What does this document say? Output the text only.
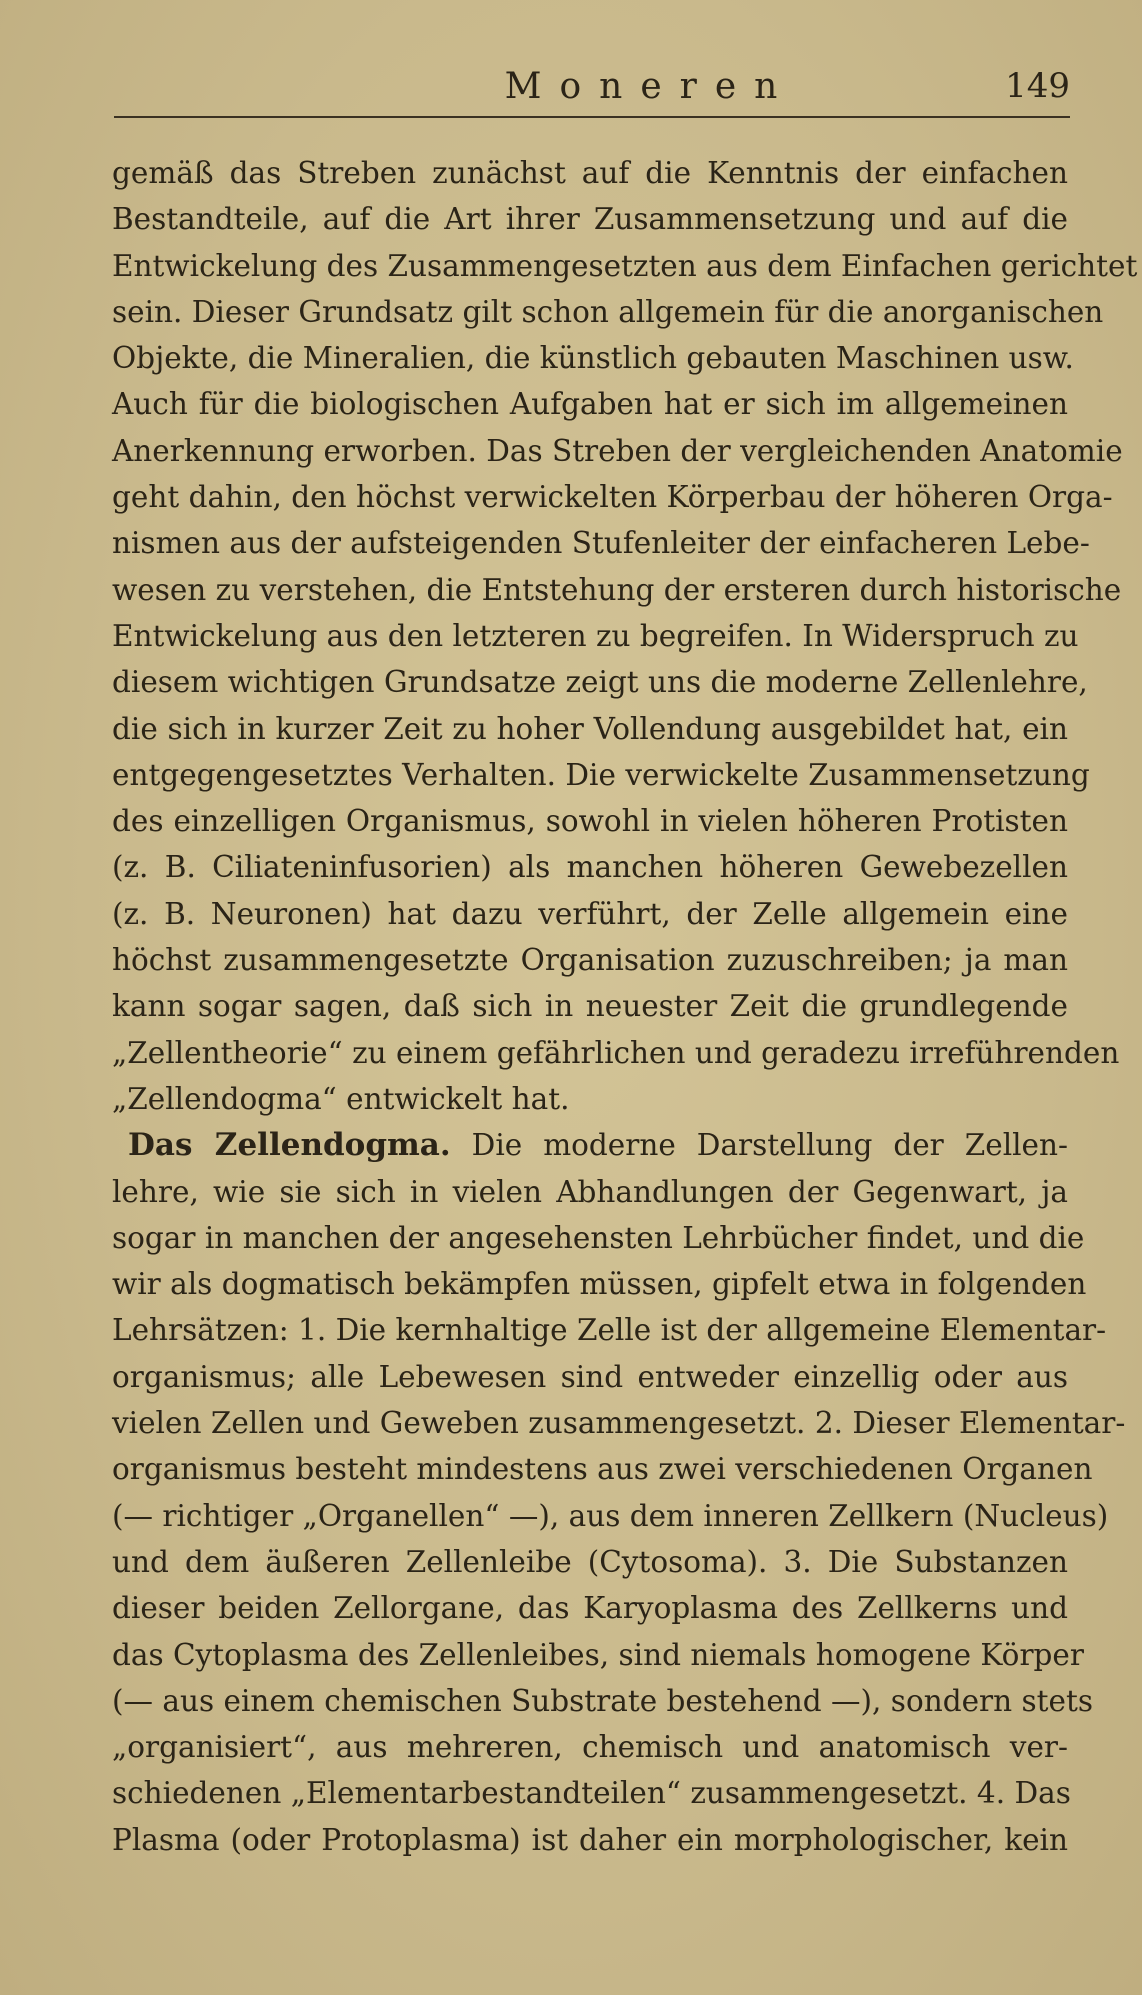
Moneren	149
gemäß das Streben zunächst auf die Kenntnis der einfachen
Bestandteile, auf die Art ihrer Zusammensetzung und auf die
Entwickelung des Zusammengesetzten aus dem Einfachen gerichtet
sein. Dieser Grundsatz gilt schon allgemein für die anorganischen
Objekte, die Mineralien, die künstlich gebauten Maschinen usw.
Auch für die biologischen Aufgaben hat er sich im allgemeinen
Anerkennung erworben. Das Streben der vergleichenden Anatomie
geht dahin, den höchst verwickelten Körperbau der höheren Orga-
nismen aus der aufsteigenden Stufenleiter der einfacheren Lebe-
wesen zu verstehen, die Entstehung der ersteren durch historische
Entwickelung aus den letzteren zu begreifen. In Widerspruch zu
diesem wichtigen Grundsatze zeigt uns die moderne Zellenlehre,
die sich in kurzer Zeit zu hoher Vollendung ausgebildet hat, ein
entgegengesetztes Verhalten. Die verwickelte Zusammensetzung
des einzelligen Organismus, sowohl in vielen höheren Protisten
(z. B. Ciliateninfusorien) als manchen höheren Gewebezellen
(z. B. Neuronen) hat dazu verführt, der Zelle allgemein eine
höchst zusammengesetzte Organisation zuzuschreiben; ja man
kann sogar sagen, daß sich in neuester Zeit die grundlegende
„Zellentheorie“ zu einem gefährlichen und geradezu irreführenden
„Zellendogma“ entwickelt hat.
Das Zellendogma. Die moderne Darstellung der Zellen-
lehre, wie sie sich in vielen Abhandlungen der Gegenwart, ja
sogar in manchen der angesehensten Lehrbücher findet, und die
wir als dogmatisch bekämpfen müssen, gipfelt etwa in folgenden
Lehrsätzen: 1. Die kernhaltige Zelle ist der allgemeine Elementar-
organismus; alle Lebewesen sind entweder einzellig oder aus
vielen Zellen und Geweben zusammengesetzt. 2. Dieser Elementar-
organismus besteht mindestens aus zwei verschiedenen Organen
(— richtiger „Organellen“ —), aus dem inneren Zellkern (Nucleus)
und dem äußeren Zellenleibe (Cytosoma). 3. Die Substanzen
dieser beiden Zellorgane, das Karyoplasma des Zellkerns und
das Cytoplasma des Zellenleibes, sind niemals homogene Körper
(— aus einem chemischen Substrate bestehend —), sondern stets
„organisiert“, aus mehreren, chemisch und anatomisch ver-
schiedenen „Elementarbestandteilen“ zusammengesetzt. 4. Das
Plasma (oder Protoplasma) ist daher ein morphologischer, kein
